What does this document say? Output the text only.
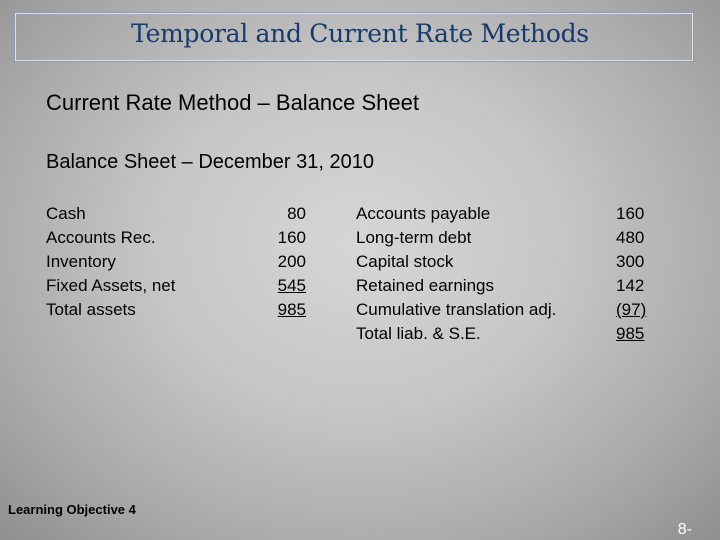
Temporal and Current Rate Methods
Current Rate Method – Balance Sheet
Balance Sheet – December 31, 2010
Cash
Accounts Rec.
Inventory
Fixed Assets, net
Total assets
80
160
200
545
985
Accounts payable
Long-term debt
Capital stock
Retained earnings
Cumulative translation adj.
Total liab. & S.E.
160
480
300
142
(97)
985
Learning Objective 4
8-
